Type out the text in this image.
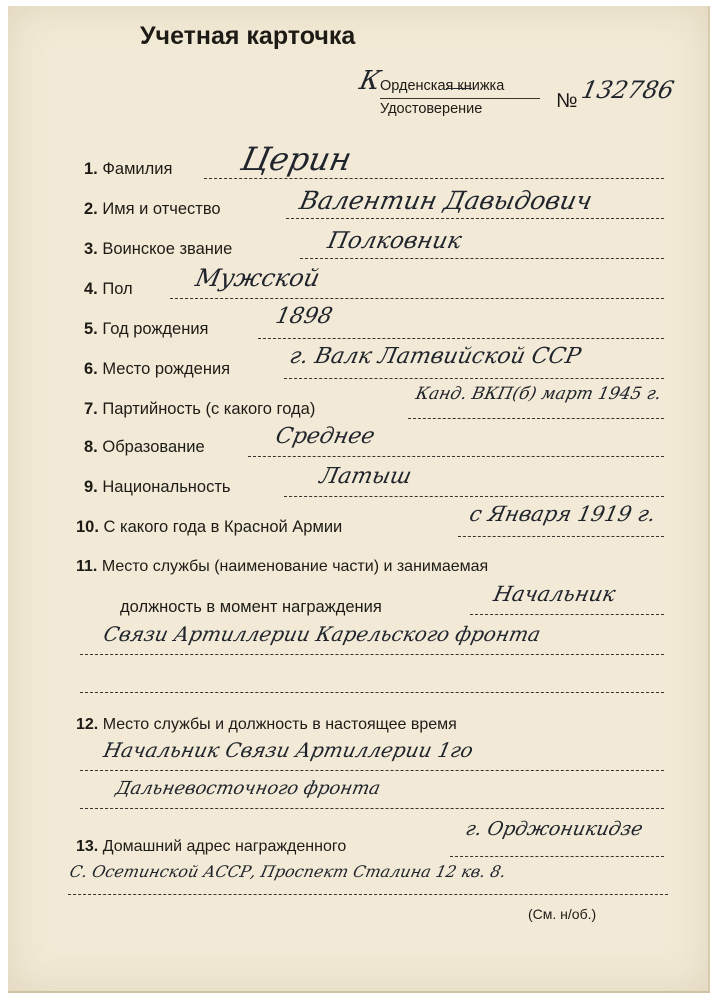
Учетная карточка
К
Орденская книжка
Удостоверение	№ 132786
1. Фамилия Церин
2. Имя и отчество	Валентин Давыдович
3. Воинское звание	Полковник
4. Пол	Мужской
5. Год рождения	1898
6. Место рождения	г. Валк Латвийской ССР
7. Партийность (с какого года)
Канд. ВКП(б) март 1945 г.
8. Образование	Среднее
9. Национальность	Латыш
10. С какого года в Красной Армии
с Января 1919 г.
11. Место службы (наименование части) и занимаемая
должность в момент награждения
Начальник
Связи Артиллерии Карельского фронта
12. Место службы и должность в настоящее время
Начальник Связи Артиллерии 1го
Дальневосточного фронта
13. Домашний адрес награжденного
г. Орджоникидзе
С. Осетинской АССР, Проспект Сталина 12 кв. 8.
(См. н/об.)
